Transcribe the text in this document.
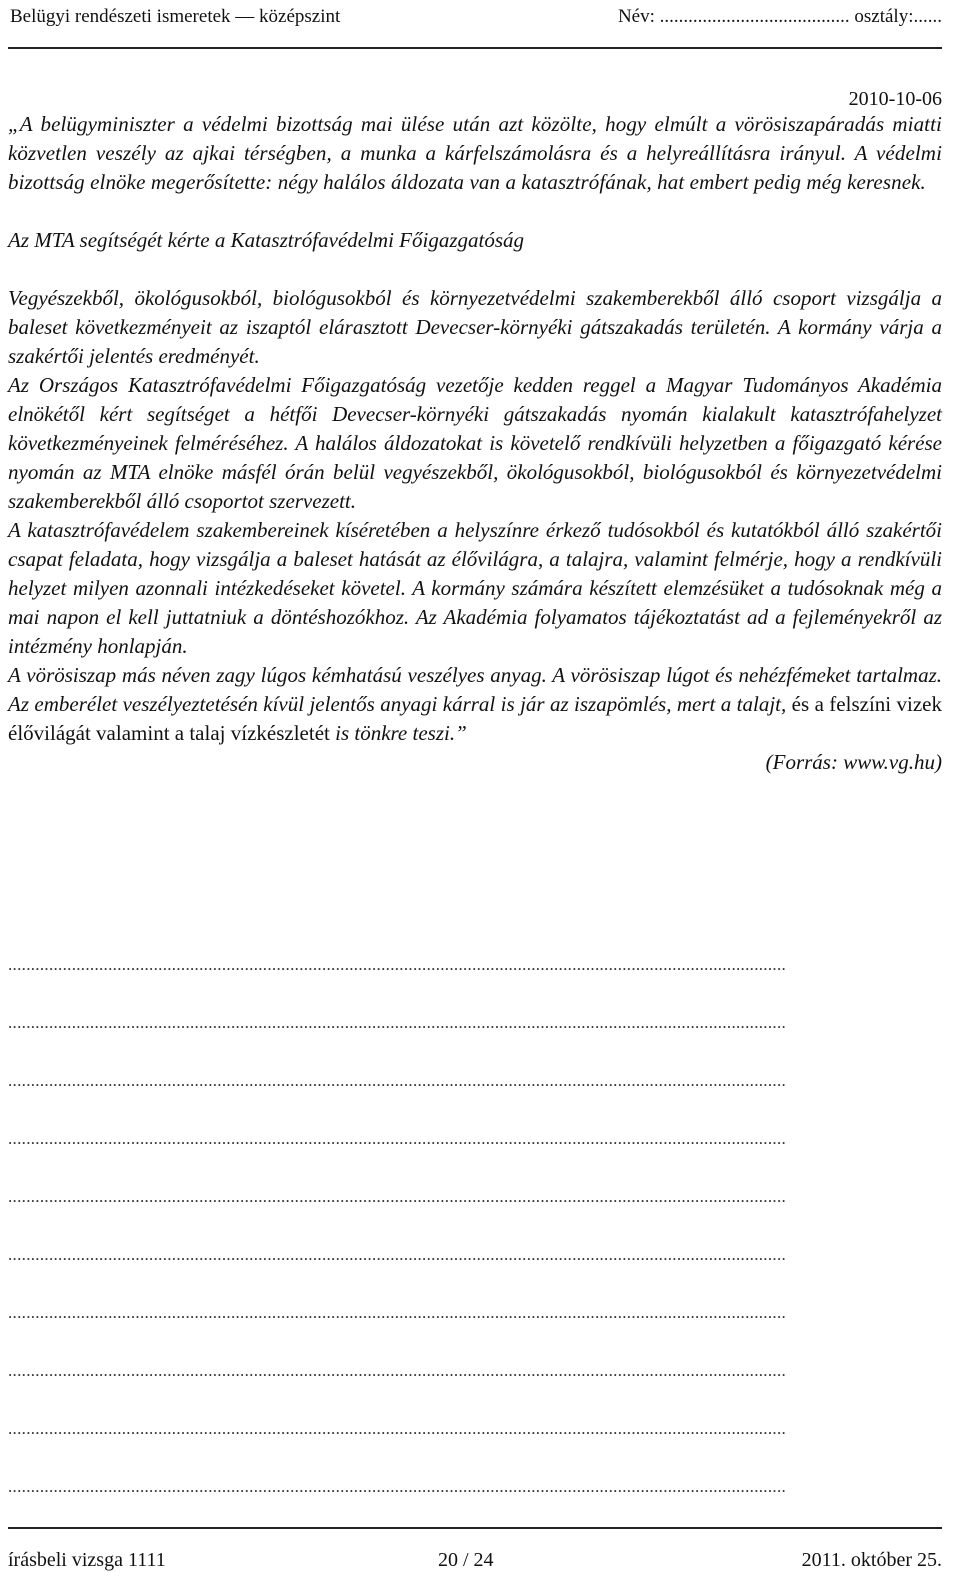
Belügyi rendészeti ismeretek — középszint	Név: ........................................ osztály:......
2010-10-06

„A belügyminiszter a védelmi bizottság mai ülése után azt közölte, hogy elmúlt a vörösiszapáradás miatti közvetlen veszély az ajkai térségben, a munka a kárfelszámolásra és a helyreállításra irányul. A védelmi bizottság elnöke megerősítette: négy halálos áldozata van a katasztrófának, hat embert pedig még keresnek.

Az MTA segítségét kérte a Katasztrófavédelmi Főigazgatóság

Vegyészekből, ökológusokból, biológusokból és környezetvédelmi szakemberekből álló csoport vizsgálja a baleset következményeit az iszaptól elárasztott Devecser-környéki gátszakadás területén. A kormány várja a szakértői jelentés eredményét.

Az Országos Katasztrófavédelmi Főigazgatóság vezetője kedden reggel a Magyar Tudományos Akadémia elnökétől kért segítséget a hétfői Devecser-környéki gátszakadás nyomán kialakult katasztrófahelyzet következményeinek felméréséhez. A halálos áldozatokat is követelő rendkívüli helyzetben a főigazgató kérése nyomán az MTA elnöke másfél órán belül vegyészekből, ökológusokból, biológusokból és környezetvédelmi szakemberekből álló csoportot szervezett.

A katasztrófavédelem szakembereinek kíséretében a helyszínre érkező tudósokból és kutatókból álló szakértői csapat feladata, hogy vizsgálja a baleset hatását az élővilágra, a talajra, valamint felmérje, hogy a rendkívüli helyzet milyen azonnali intézkedéseket követel. A kormány számára készített elemzésüket a tudósoknak még a mai napon el kell juttatniuk a döntéshozókhoz. Az Akadémia folyamatos tájékoztatást ad a fejleményekről az intézmény honlapján.

A vörösiszap más néven zagy lúgos kémhatású veszélyes anyag. A vörösiszap lúgot és nehézfémeket tartalmaz. Az emberélet veszélyeztetésén kívül jelentős anyagi kárral is jár az iszapömlés, mert a talajt, és a felszíni vizek élővilágát valamint a talaj vízkészletét is tönkre teszi.”

(Forrás: www.vg.hu)

...........................................................................................................................................................................
...........................................................................................................................................................................
...........................................................................................................................................................................
...........................................................................................................................................................................
...........................................................................................................................................................................
...........................................................................................................................................................................
...........................................................................................................................................................................
...........................................................................................................................................................................
...........................................................................................................................................................................
...........................................................................................................................................................................
írásbeli vizsga 1111	20 / 24	2011. október 25.
